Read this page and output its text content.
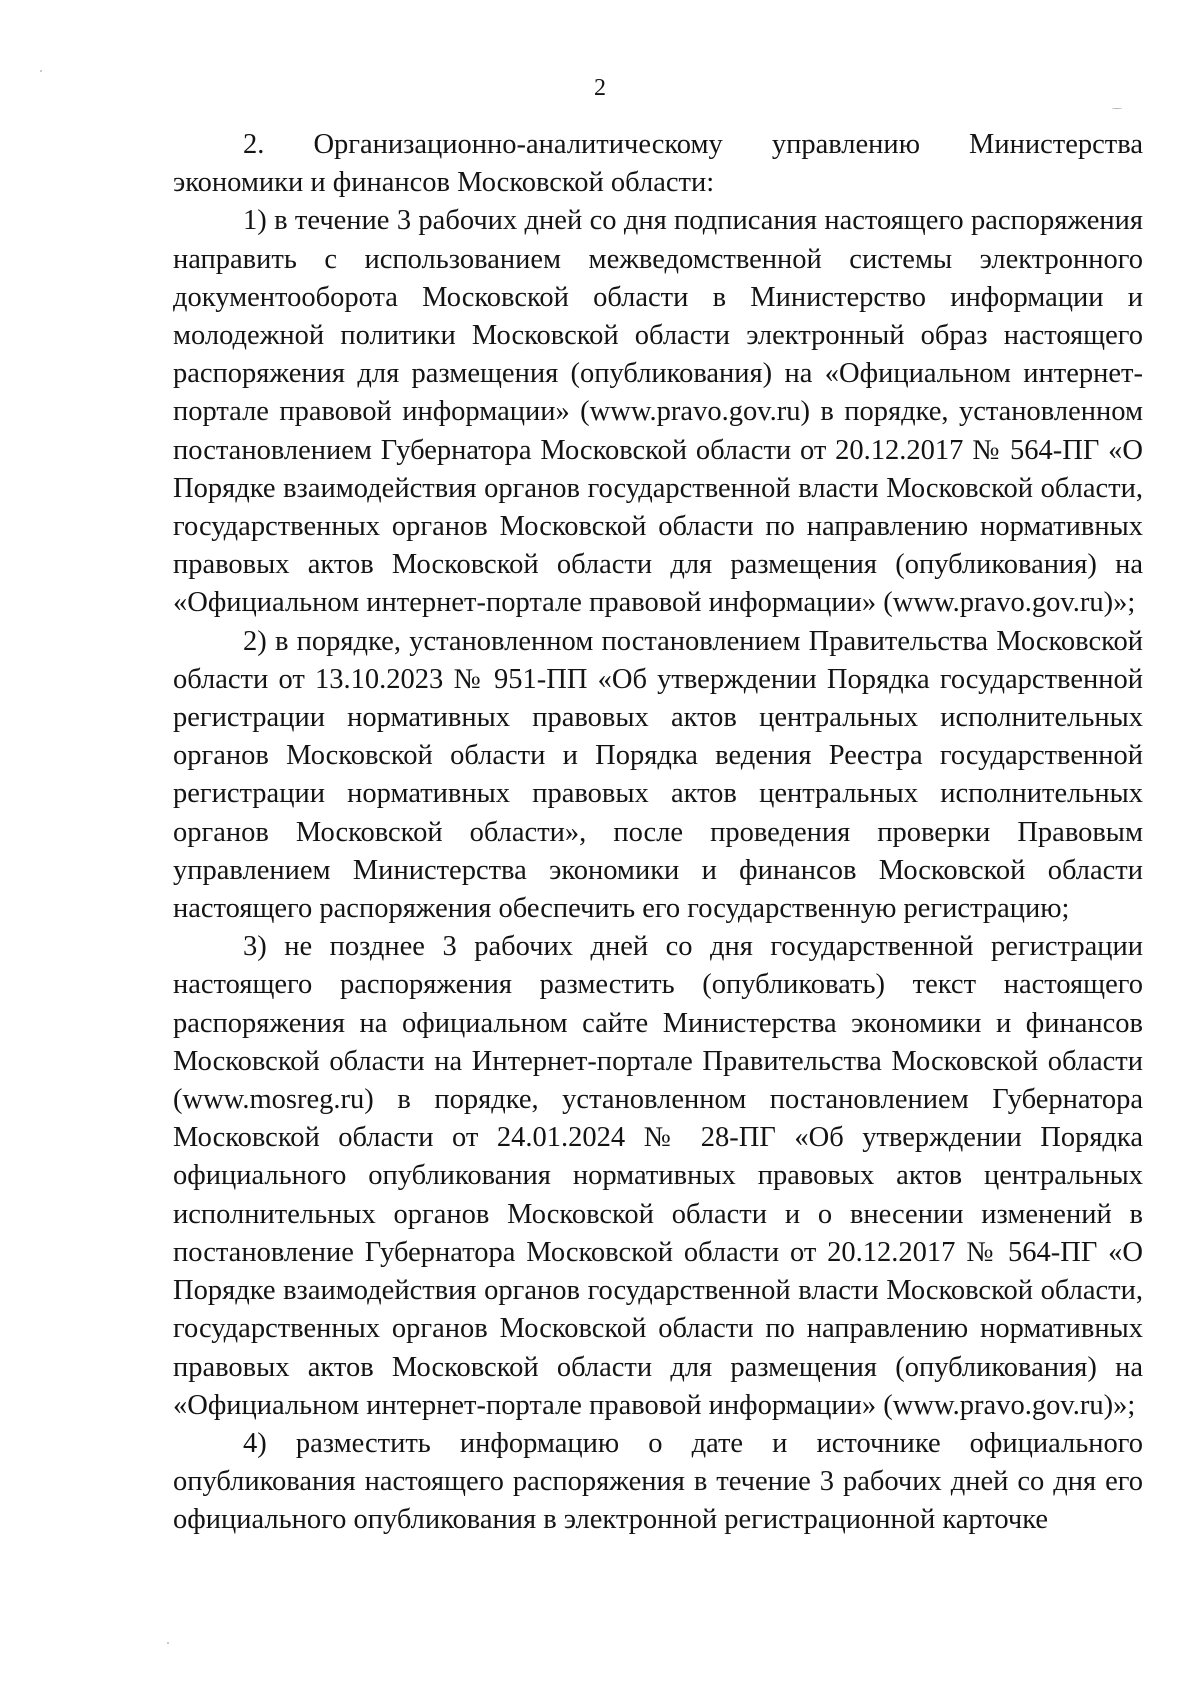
2

2. Организационно-аналитическому управлению Министерства экономики и финансов Московской области:

1) в течение 3 рабочих дней со дня подписания настоящего распоряжения направить с использованием межведомственной системы электронного документооборота Московской области в Министерство информации и молодежной политики Московской области электронный образ настоящего распоряжения для размещения (опубликования) на «Официальном интернет-портале правовой информации» (www.pravo.gov.ru) в порядке, установленном постановлением Губернатора Московской области от 20.12.2017 № 564-ПГ «О Порядке взаимодействия органов государственной власти Московской области, государственных органов Московской области по направлению нормативных правовых актов Московской области для размещения (опубликования) на «Официальном интернет-портале правовой информации» (www.pravo.gov.ru)»;

2) в порядке, установленном постановлением Правительства Московской области от 13.10.2023 № 951-ПП «Об утверждении Порядка государственной регистрации нормативных правовых актов центральных исполнительных органов Московской области и Порядка ведения Реестра государственной регистрации нормативных правовых актов центральных исполнительных органов Московской области», после проведения проверки Правовым управлением Министерства экономики и финансов Московской области настоящего распоряжения обеспечить его государственную регистрацию;

3) не позднее 3 рабочих дней со дня государственной регистрации настоящего распоряжения разместить (опубликовать) текст настоящего распоряжения на официальном сайте Министерства экономики и финансов Московской области на Интернет-портале Правительства Московской области (www.mosreg.ru) в порядке, установленном постановлением Губернатора Московской области от 24.01.2024 № 28-ПГ «Об утверждении Порядка официального опубликования нормативных правовых актов центральных исполнительных органов Московской области и о внесении изменений в постановление Губернатора Московской области от 20.12.2017 № 564-ПГ «О Порядке взаимодействия органов государственной власти Московской области, государственных органов Московской области по направлению нормативных правовых актов Московской области для размещения (опубликования) на «Официальном интернет-портале правовой информации» (www.pravo.gov.ru)»;

4) разместить информацию о дате и источнике официального опубликования настоящего распоряжения в течение 3 рабочих дней со дня его официального опубликования в электронной регистрационной карточке
